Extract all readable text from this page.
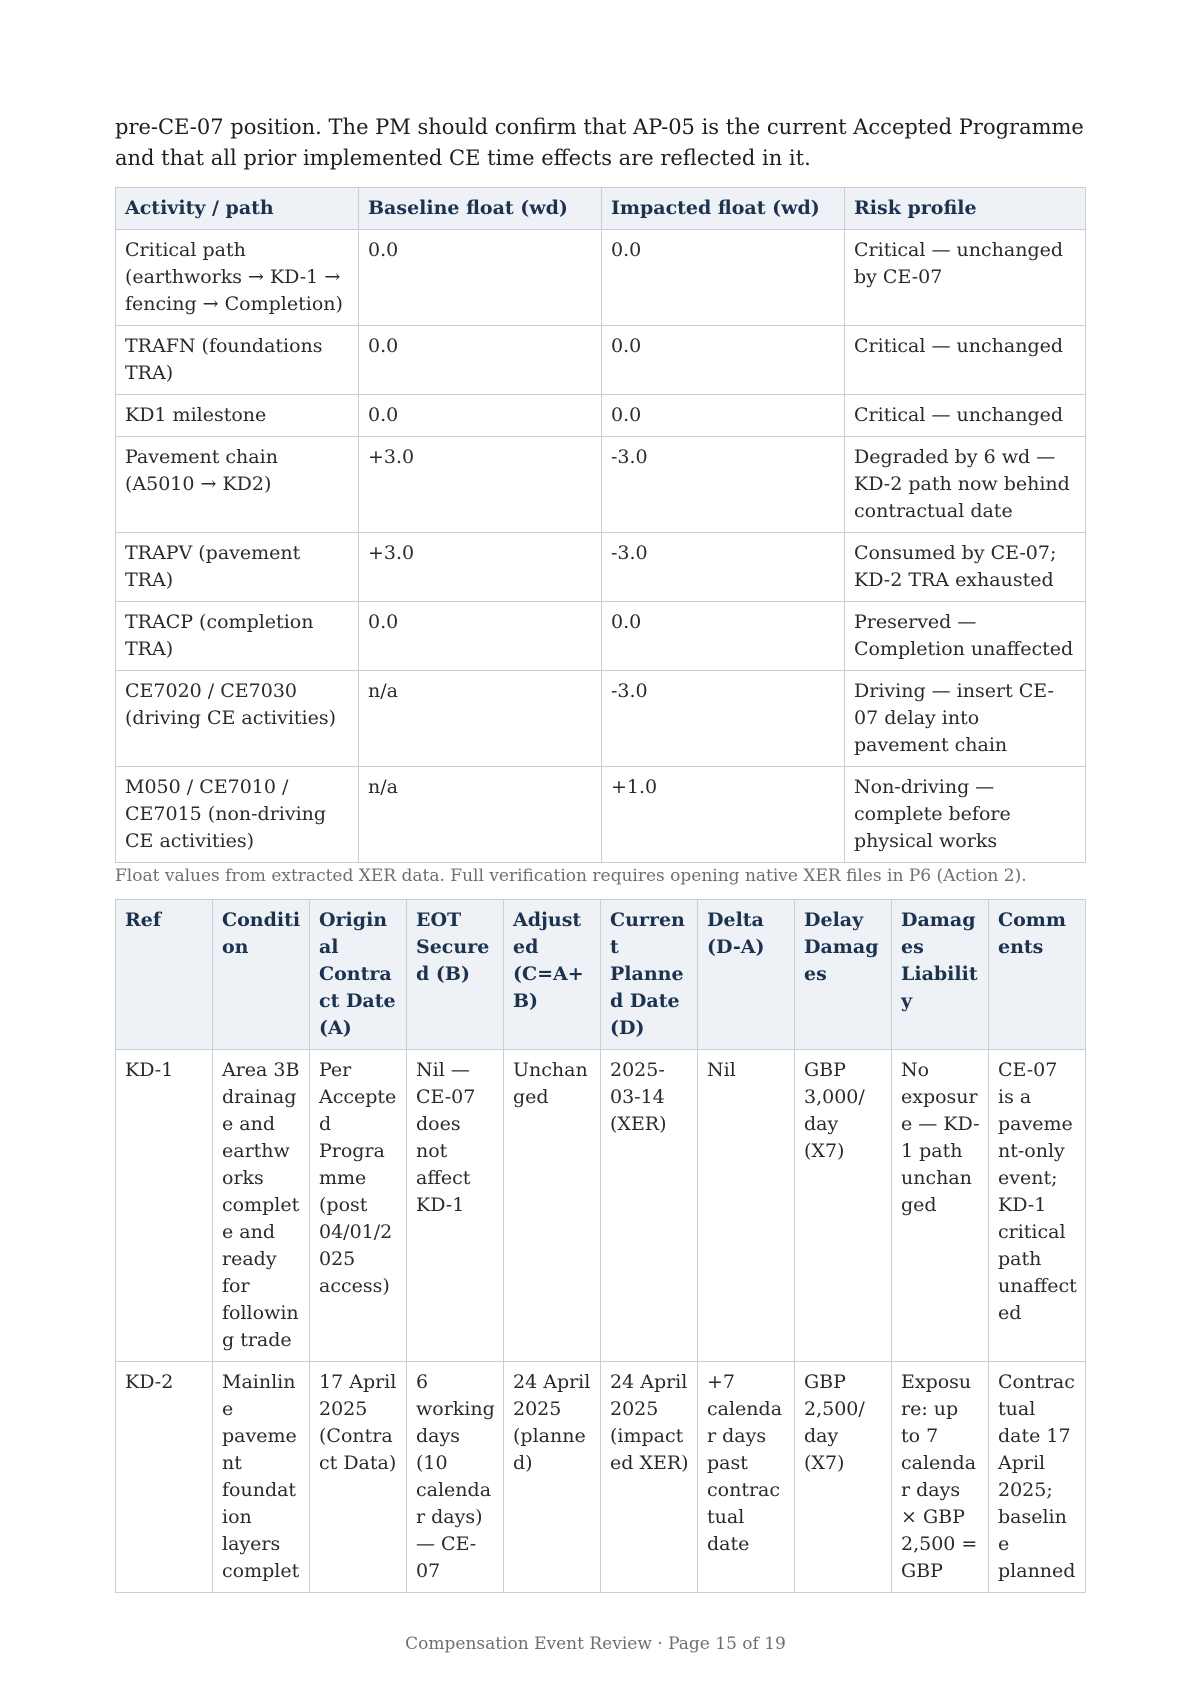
pre-CE-07 position. The PM should confirm that AP-05 is the current Accepted Programme and that all prior implemented CE time effects are reflected in it.

Activity / path	Baseline float (wd)	Impacted float (wd)	Risk profile
Critical path (earthworks → KD-1 → fencing → Completion)	0.0	0.0	Critical — unchanged by CE-07
TRAFN (foundations TRA)	0.0	0.0	Critical — unchanged
KD1 milestone	0.0	0.0	Critical — unchanged
Pavement chain (A5010 → KD2)	+3.0	-3.0	Degraded by 6 wd — KD-2 path now behind contractual date
TRAPV (pavement TRA)	+3.0	-3.0	Consumed by CE-07; KD-2 TRA exhausted
TRACP (completion TRA)	0.0	0.0	Preserved — Completion unaffected
CE7020 / CE7030 (driving CE activities)	n/a	-3.0	Driving — insert CE-07 delay into pavement chain
M050 / CE7010 / CE7015 (non-driving CE activities)	n/a	+1.0	Non-driving — complete before physical works
Float values from extracted XER data. Full verification requires opening native XER files in P6 (Action 2).
Ref	Condition	Original Contract Date (A)	EOT Secured (B)	Adjusted (C=A+B)	Current Planned Date (D)	Delta (D-A)	Delay Damages	Damages Liability	Comments
KD-1	Area 3B drainage and earthworks complete and ready for following trade	Per Accepted Programme (post 04/01/2025 access)	Nil — CE-07 does not affect KD-1	Unchanged	2025-03-14 (XER)	Nil	GBP 3,000/ day (X7)	No exposure — KD-1 path unchanged	CE-07 is a pavement-only event; KD-1 critical path unaffected
KD-2	Mainline pavement foundation layers complet	17 April 2025 (Contract Data)	6 working days (10 calendar days) — CE-07	24 April 2025 (planned)	24 April 2025 (impacted XER)	+7 calendar days past contractual date	GBP 2,500/ day (X7)	Exposure: up to 7 calendar days × GBP 2,500 = GBP	Contractual date 17 April 2025; baseline planned
Compensation Event Review · Page 15 of 19
